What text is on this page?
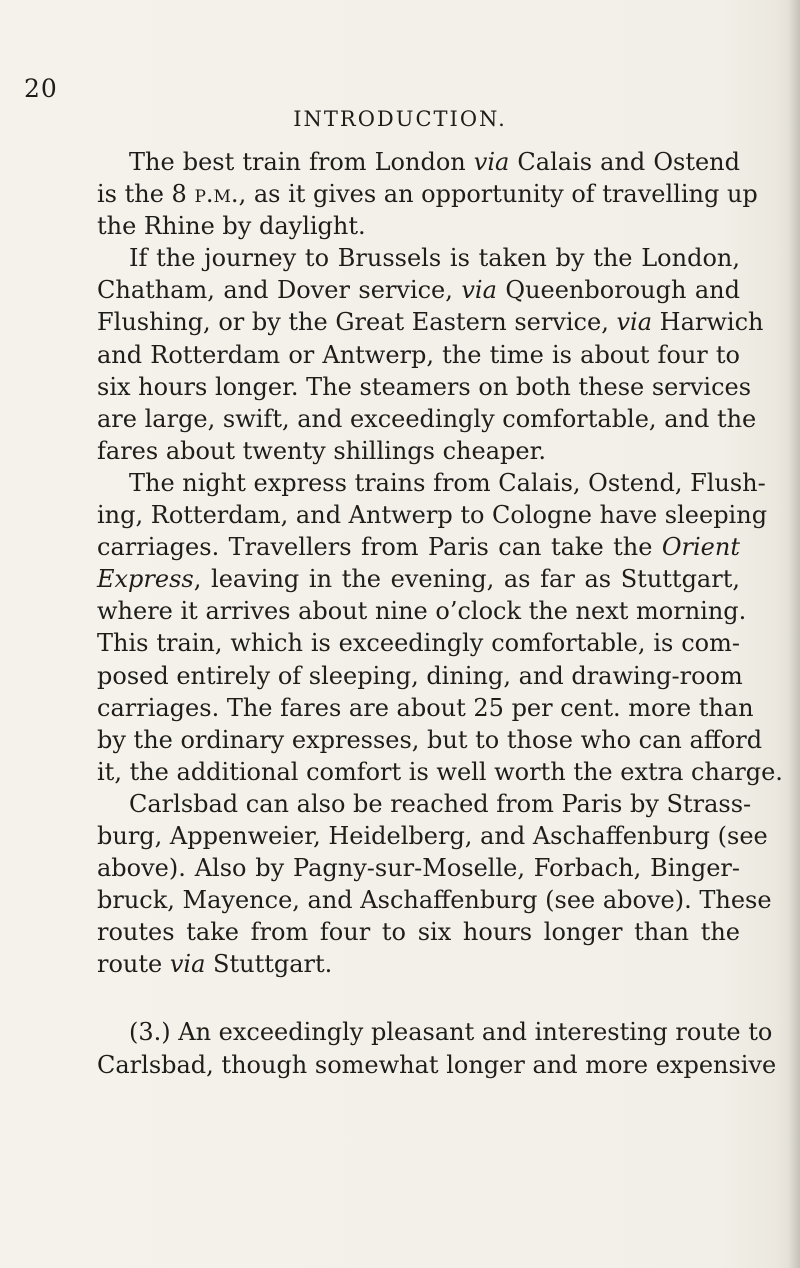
20
INTRODUCTION.
The best train from London via Calais and Ostend
is the 8 p.m., as it gives an opportunity of travelling up
the Rhine by daylight.
If the journey to Brussels is taken by the London,
Chatham, and Dover service, via Queenborough and
Flushing, or by the Great Eastern service, via Harwich
and Rotterdam or Antwerp, the time is about four to
six hours longer. The steamers on both these services
are large, swift, and exceedingly comfortable, and the
fares about twenty shillings cheaper.
The night express trains from Calais, Ostend, Flush-
ing, Rotterdam, and Antwerp to Cologne have sleeping
carriages. Travellers from Paris can take the Orient
Express, leaving in the evening, as far as Stuttgart,
where it arrives about nine o’clock the next morning.
This train, which is exceedingly comfortable, is com-
posed entirely of sleeping, dining, and drawing-room
carriages. The fares are about 25 per cent. more than
by the ordinary expresses, but to those who can afford
it, the additional comfort is well worth the extra charge.
Carlsbad can also be reached from Paris by Strass-
burg, Appenweier, Heidelberg, and Aschaffenburg (see
above). Also by Pagny-sur-Moselle, Forbach, Binger-
bruck, Mayence, and Aschaffenburg (see above). These
routes take from four to six hours longer than the
route via Stuttgart.
(3.) An exceedingly pleasant and interesting route to
Carlsbad, though somewhat longer and more expensive
